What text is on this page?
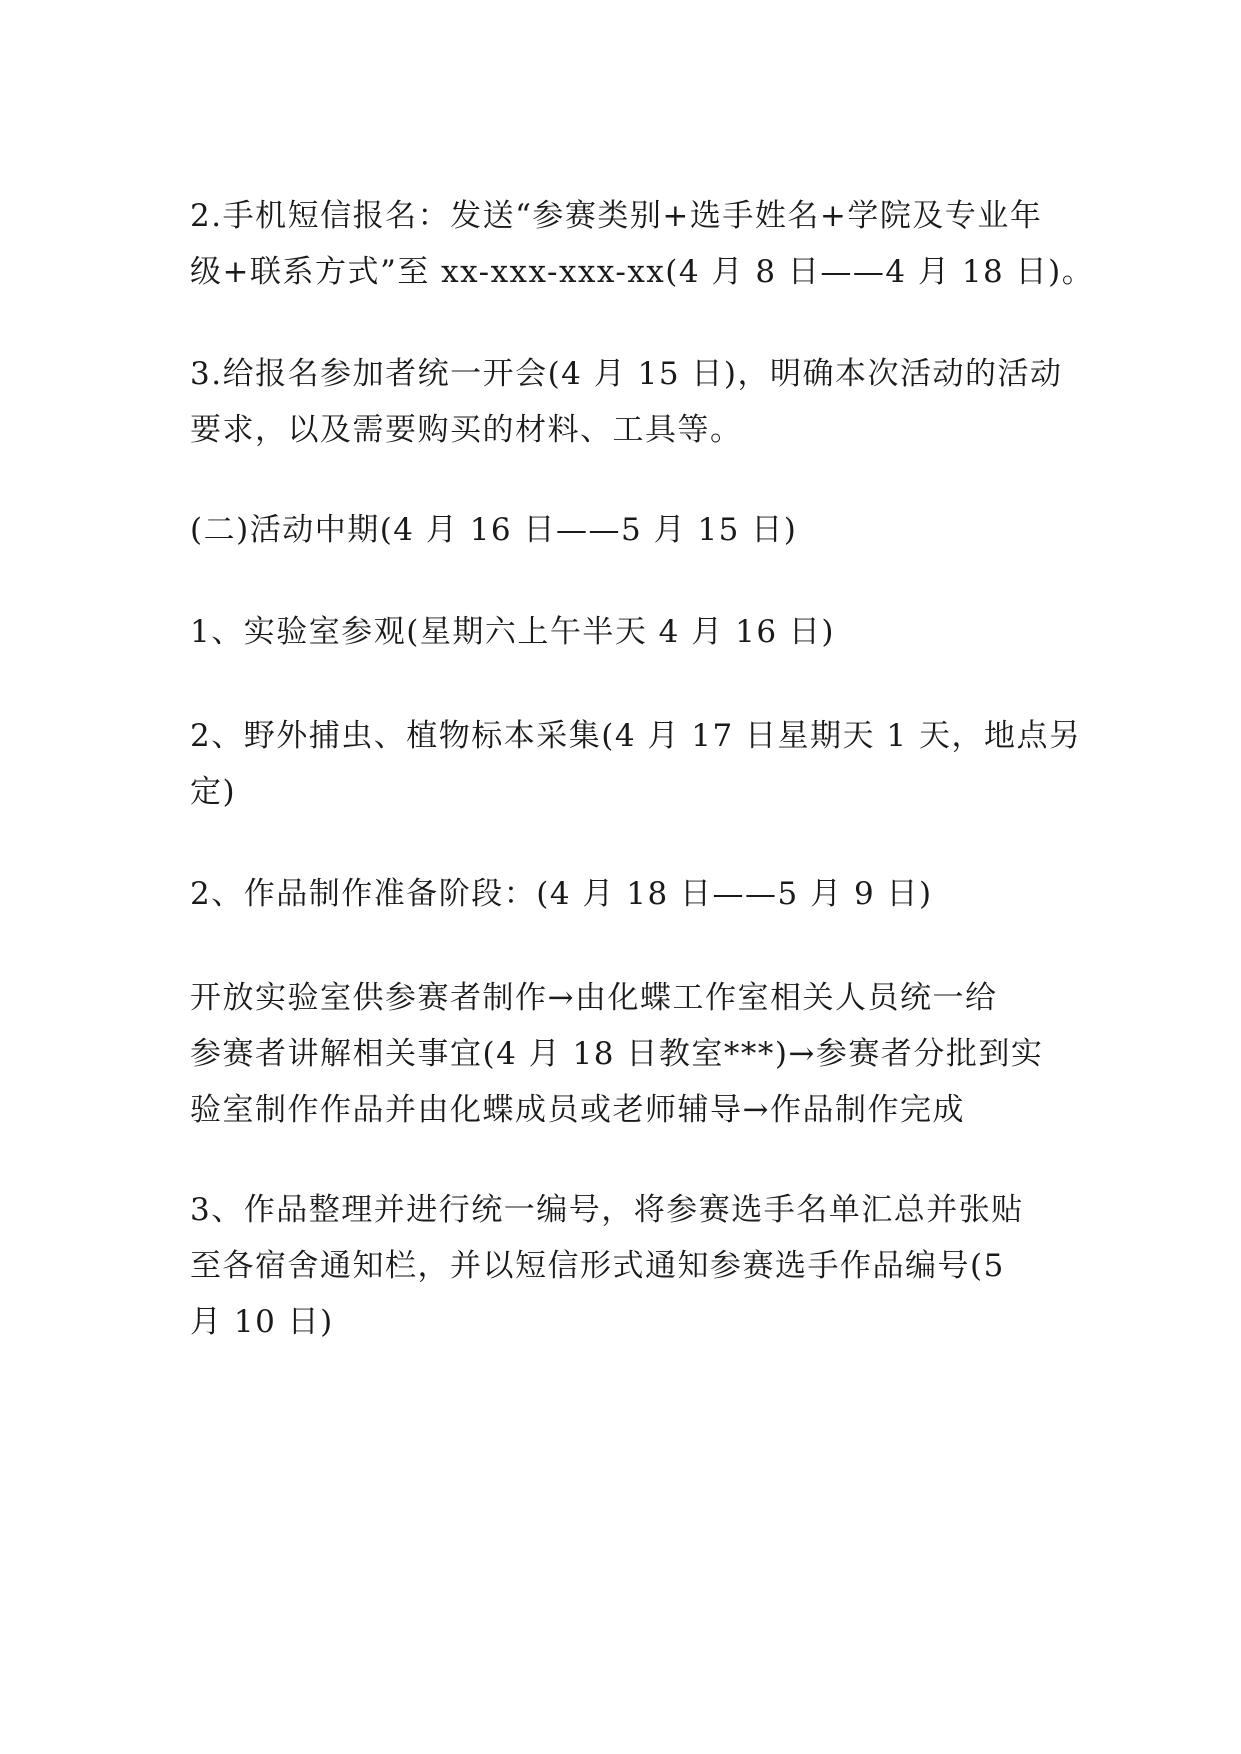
2.手机短信报名：发送“参赛类别+选手姓名+学院及专业年
级+联系方式”至 xx-xxx-xxx-xx(4 月 8 日——4 月 18 日)。

3.给报名参加者统一开会(4 月 15 日)，明确本次活动的活动
要求，以及需要购买的材料、工具等。

(二)活动中期(4 月 16 日——5 月 15 日)

1、实验室参观(星期六上午半天 4 月 16 日)

2、野外捕虫、植物标本采集(4 月 17 日星期天 1 天，地点另
定)

2、作品制作准备阶段：(4 月 18 日——5 月 9 日)

开放实验室供参赛者制作→由化蝶工作室相关人员统一给
参赛者讲解相关事宜(4 月 18 日教室***)→参赛者分批到实
验室制作作品并由化蝶成员或老师辅导→作品制作完成

3、作品整理并进行统一编号，将参赛选手名单汇总并张贴
至各宿舍通知栏，并以短信形式通知参赛选手作品编号(5
月 10 日)
